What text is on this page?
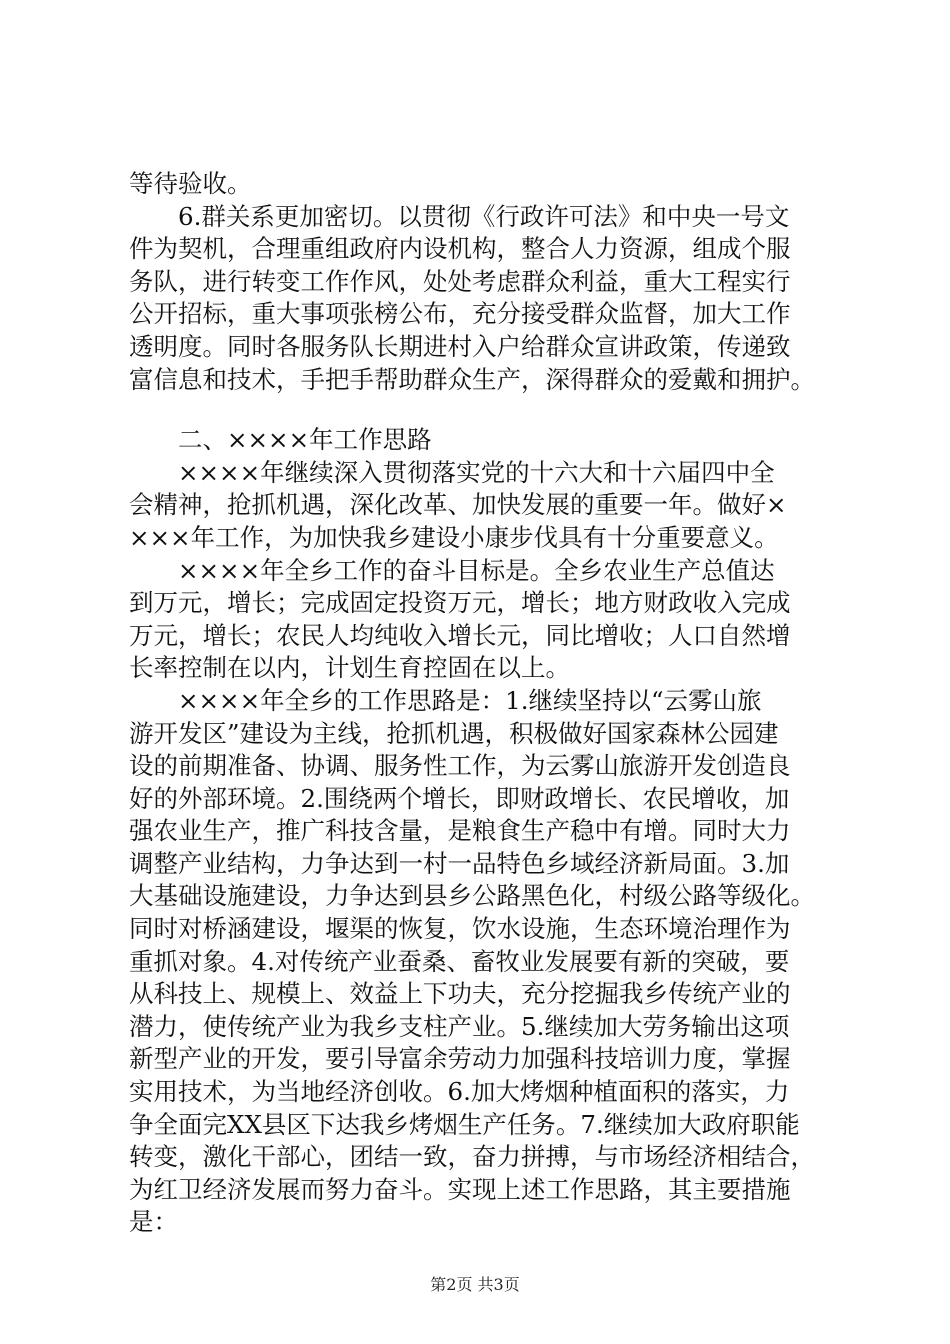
等待验收。
6.群关系更加密切。以贯彻《行政许可法》和中央一号文
件为契机，合理重组政府内设机构，整合人力资源，组成个服
务队，进行转变工作作风，处处考虑群众利益，重大工程实行
公开招标，重大事项张榜公布，充分接受群众监督，加大工作
透明度。同时各服务队长期进村入户给群众宣讲政策，传递致
富信息和技术，手把手帮助群众生产，深得群众的爱戴和拥护。
二、××××年工作思路
××××年继续深入贯彻落实党的十六大和十六届四中全
会精神，抢抓机遇，深化改革、加快发展的重要一年。做好×
×××年工作，为加快我乡建设小康步伐具有十分重要意义。
××××年全乡工作的奋斗目标是。全乡农业生产总值达
到万元，增长；完成固定投资万元，增长；地方财政收入完成
万元，增长；农民人均纯收入增长元，同比增收；人口自然增
长率控制在以内，计划生育控固在以上。
××××年全乡的工作思路是：1.继续坚持以“云雾山旅
游开发区”建设为主线，抢抓机遇，积极做好国家森林公园建
设的前期准备、协调、服务性工作，为云雾山旅游开发创造良
好的外部环境。2.围绕两个增长，即财政增长、农民增收，加
强农业生产，推广科技含量，是粮食生产稳中有增。同时大力
调整产业结构，力争达到一村一品特色乡域经济新局面。3.加
大基础设施建设，力争达到县乡公路黑色化，村级公路等级化。
同时对桥涵建设，堰渠的恢复，饮水设施，生态环境治理作为
重抓对象。4.对传统产业蚕桑、畜牧业发展要有新的突破，要
从科技上、规模上、效益上下功夫，充分挖掘我乡传统产业的
潜力，使传统产业为我乡支柱产业。5.继续加大劳务输出这项
新型产业的开发，要引导富余劳动力加强科技培训力度，掌握
实用技术，为当地经济创收。6.加大烤烟种植面积的落实，力
争全面完XX县区下达我乡烤烟生产任务。7.继续加大政府职能
转变，激化干部心，团结一致，奋力拼搏，与市场经济相结合，
为红卫经济发展而努力奋斗。实现上述工作思路，其主要措施
是：
第2页 共3页
